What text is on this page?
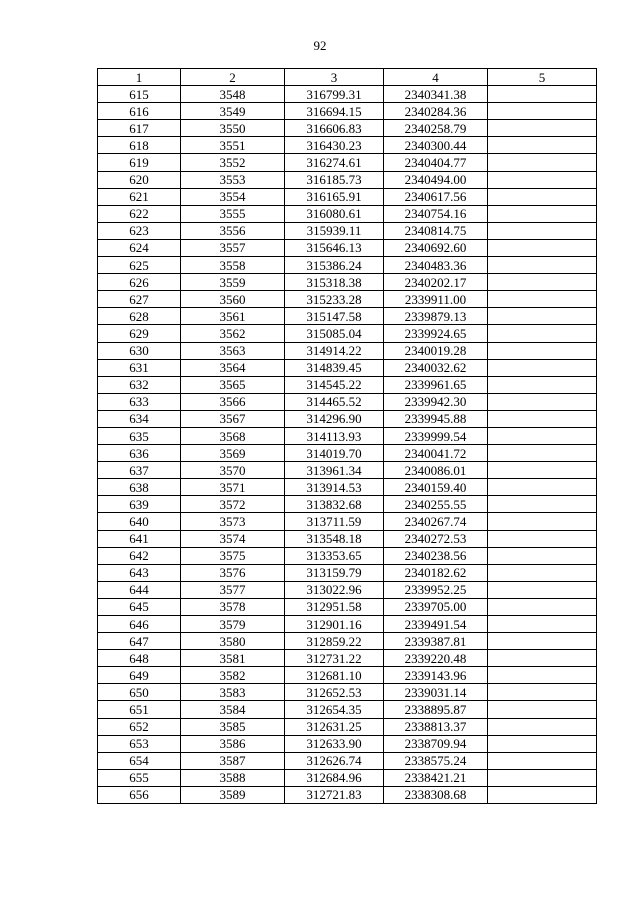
92
1	2	3	4	5
615	3548	316799.31	2340341.38	
616	3549	316694.15	2340284.36	
617	3550	316606.83	2340258.79	
618	3551	316430.23	2340300.44	
619	3552	316274.61	2340404.77	
620	3553	316185.73	2340494.00	
621	3554	316165.91	2340617.56	
622	3555	316080.61	2340754.16	
623	3556	315939.11	2340814.75	
624	3557	315646.13	2340692.60	
625	3558	315386.24	2340483.36	
626	3559	315318.38	2340202.17	
627	3560	315233.28	2339911.00	
628	3561	315147.58	2339879.13	
629	3562	315085.04	2339924.65	
630	3563	314914.22	2340019.28	
631	3564	314839.45	2340032.62	
632	3565	314545.22	2339961.65	
633	3566	314465.52	2339942.30	
634	3567	314296.90	2339945.88	
635	3568	314113.93	2339999.54	
636	3569	314019.70	2340041.72	
637	3570	313961.34	2340086.01	
638	3571	313914.53	2340159.40	
639	3572	313832.68	2340255.55	
640	3573	313711.59	2340267.74	
641	3574	313548.18	2340272.53	
642	3575	313353.65	2340238.56	
643	3576	313159.79	2340182.62	
644	3577	313022.96	2339952.25	
645	3578	312951.58	2339705.00	
646	3579	312901.16	2339491.54	
647	3580	312859.22	2339387.81	
648	3581	312731.22	2339220.48	
649	3582	312681.10	2339143.96	
650	3583	312652.53	2339031.14	
651	3584	312654.35	2338895.87	
652	3585	312631.25	2338813.37	
653	3586	312633.90	2338709.94	
654	3587	312626.74	2338575.24	
655	3588	312684.96	2338421.21	
656	3589	312721.83	2338308.68	
